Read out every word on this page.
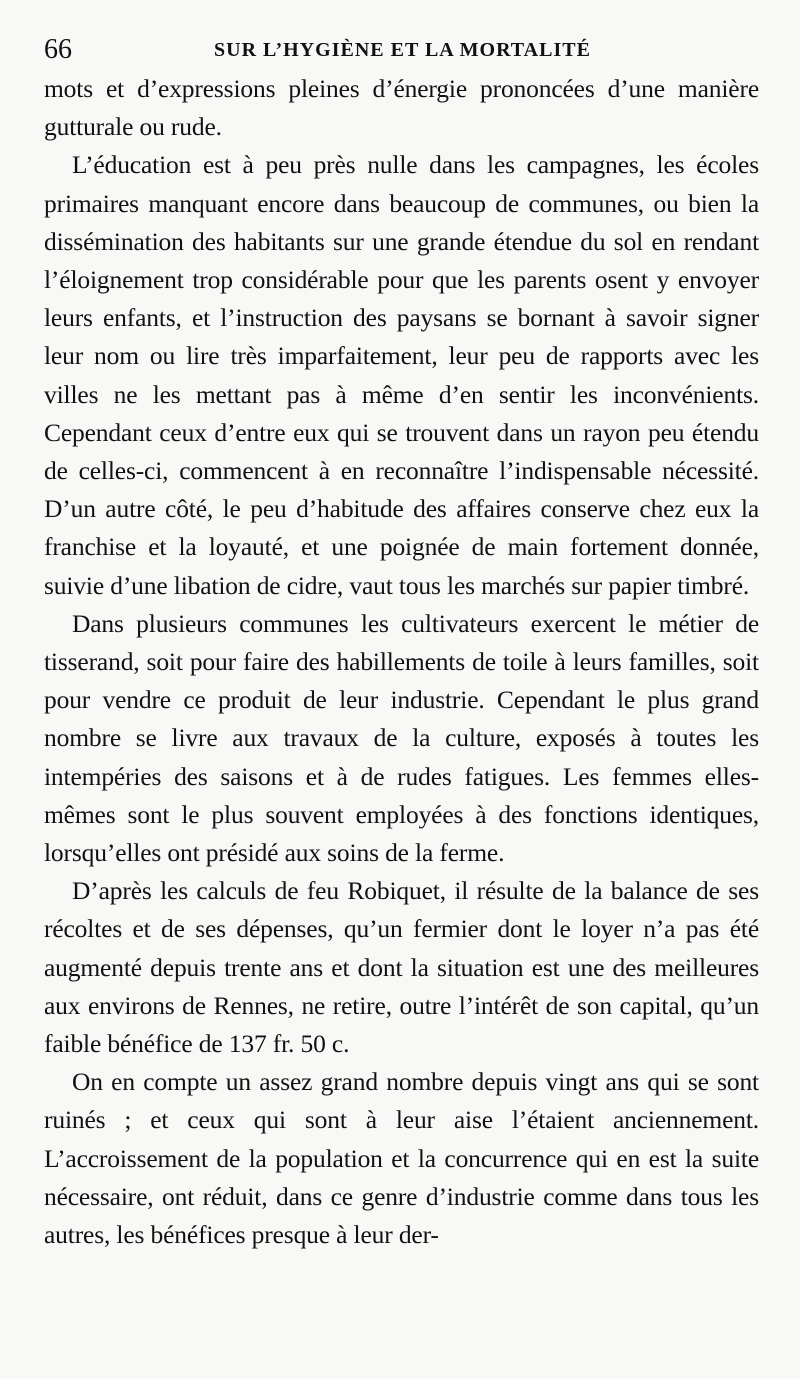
66	SUR L’HYGIÈNE ET LA MORTALITÉ

mots et d’expressions pleines d’énergie prononcées d’une manière gutturale ou rude.

L’éducation est à peu près nulle dans les campagnes, les écoles primaires manquant encore dans beaucoup de communes, ou bien la dissémination des habitants sur une grande étendue du sol en rendant l’éloignement trop considérable pour que les parents osent y envoyer leurs enfants, et l’instruction des paysans se bornant à savoir signer leur nom ou lire très imparfaitement, leur peu de rapports avec les villes ne les mettant pas à même d’en sentir les inconvénients. Cependant ceux d’entre eux qui se trouvent dans un rayon peu étendu de celles-ci, commencent à en reconnaître l’indispensable nécessité. D’un autre côté, le peu d’habitude des affaires conserve chez eux la franchise et la loyauté, et une poignée de main fortement donnée, suivie d’une libation de cidre, vaut tous les marchés sur papier timbré.

Dans plusieurs communes les cultivateurs exercent le métier de tisserand, soit pour faire des habillements de toile à leurs familles, soit pour vendre ce produit de leur industrie. Cependant le plus grand nombre se livre aux travaux de la culture, exposés à toutes les intempéries des saisons et à de rudes fatigues. Les femmes elles-mêmes sont le plus souvent employées à des fonctions identiques, lorsqu’elles ont présidé aux soins de la ferme.

D’après les calculs de feu Robiquet, il résulte de la balance de ses récoltes et de ses dépenses, qu’un fermier dont le loyer n’a pas été augmenté depuis trente ans et dont la situation est une des meilleures aux environs de Rennes, ne retire, outre l’intérêt de son capital, qu’un faible bénéfice de 137 fr. 50 c.

On en compte un assez grand nombre depuis vingt ans qui se sont ruinés ; et ceux qui sont à leur aise l’étaient anciennement. L’accroissement de la population et la concurrence qui en est la suite nécessaire, ont réduit, dans ce genre d’industrie comme dans tous les autres, les bénéfices presque à leur der-
